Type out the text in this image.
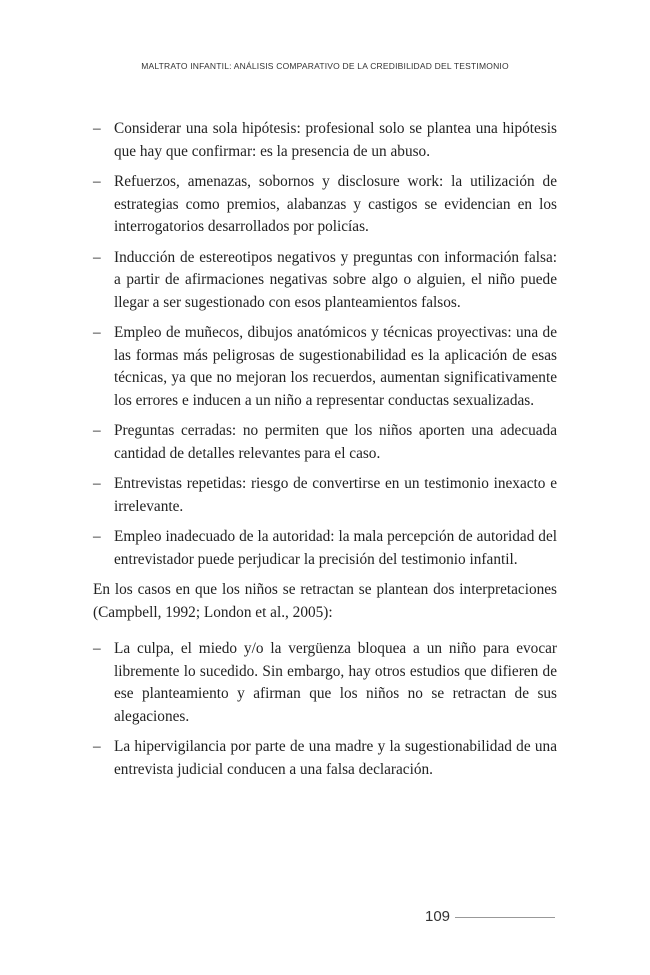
MALTRATO INFANTIL: ANÁLISIS COMPARATIVO DE LA CREDIBILIDAD DEL TESTIMONIO
– Considerar una sola hipótesis: profesional solo se plantea una hipótesis que hay que confirmar: es la presencia de un abuso.
– Refuerzos, amenazas, sobornos y disclosure work: la utilización de estrategias como premios, alabanzas y castigos se evidencian en los interrogatorios desarrollados por policías.
– Inducción de estereotipos negativos y preguntas con información falsa: a partir de afirmaciones negativas sobre algo o alguien, el niño puede llegar a ser sugestionado con esos planteamientos falsos.
– Empleo de muñecos, dibujos anatómicos y técnicas proyectivas: una de las formas más peligrosas de sugestionabilidad es la aplicación de esas técnicas, ya que no mejoran los recuerdos, aumentan significativamente los errores e inducen a un niño a representar conductas sexualizadas.
– Preguntas cerradas: no permiten que los niños aporten una adecuada cantidad de detalles relevantes para el caso.
– Entrevistas repetidas: riesgo de convertirse en un testimonio inexacto e irrelevante.
– Empleo inadecuado de la autoridad: la mala percepción de autoridad del entrevistador puede perjudicar la precisión del testimonio infantil.

En los casos en que los niños se retractan se plantean dos interpretaciones (Campbell, 1992; London et al., 2005):

– La culpa, el miedo y/o la vergüenza bloquea a un niño para evocar libremente lo sucedido. Sin embargo, hay otros estudios que difieren de ese planteamiento y afirman que los niños no se retractan de sus alegaciones.
– La hipervigilancia por parte de una madre y la sugestionabilidad de una entrevista judicial conducen a una falsa declaración.
109
